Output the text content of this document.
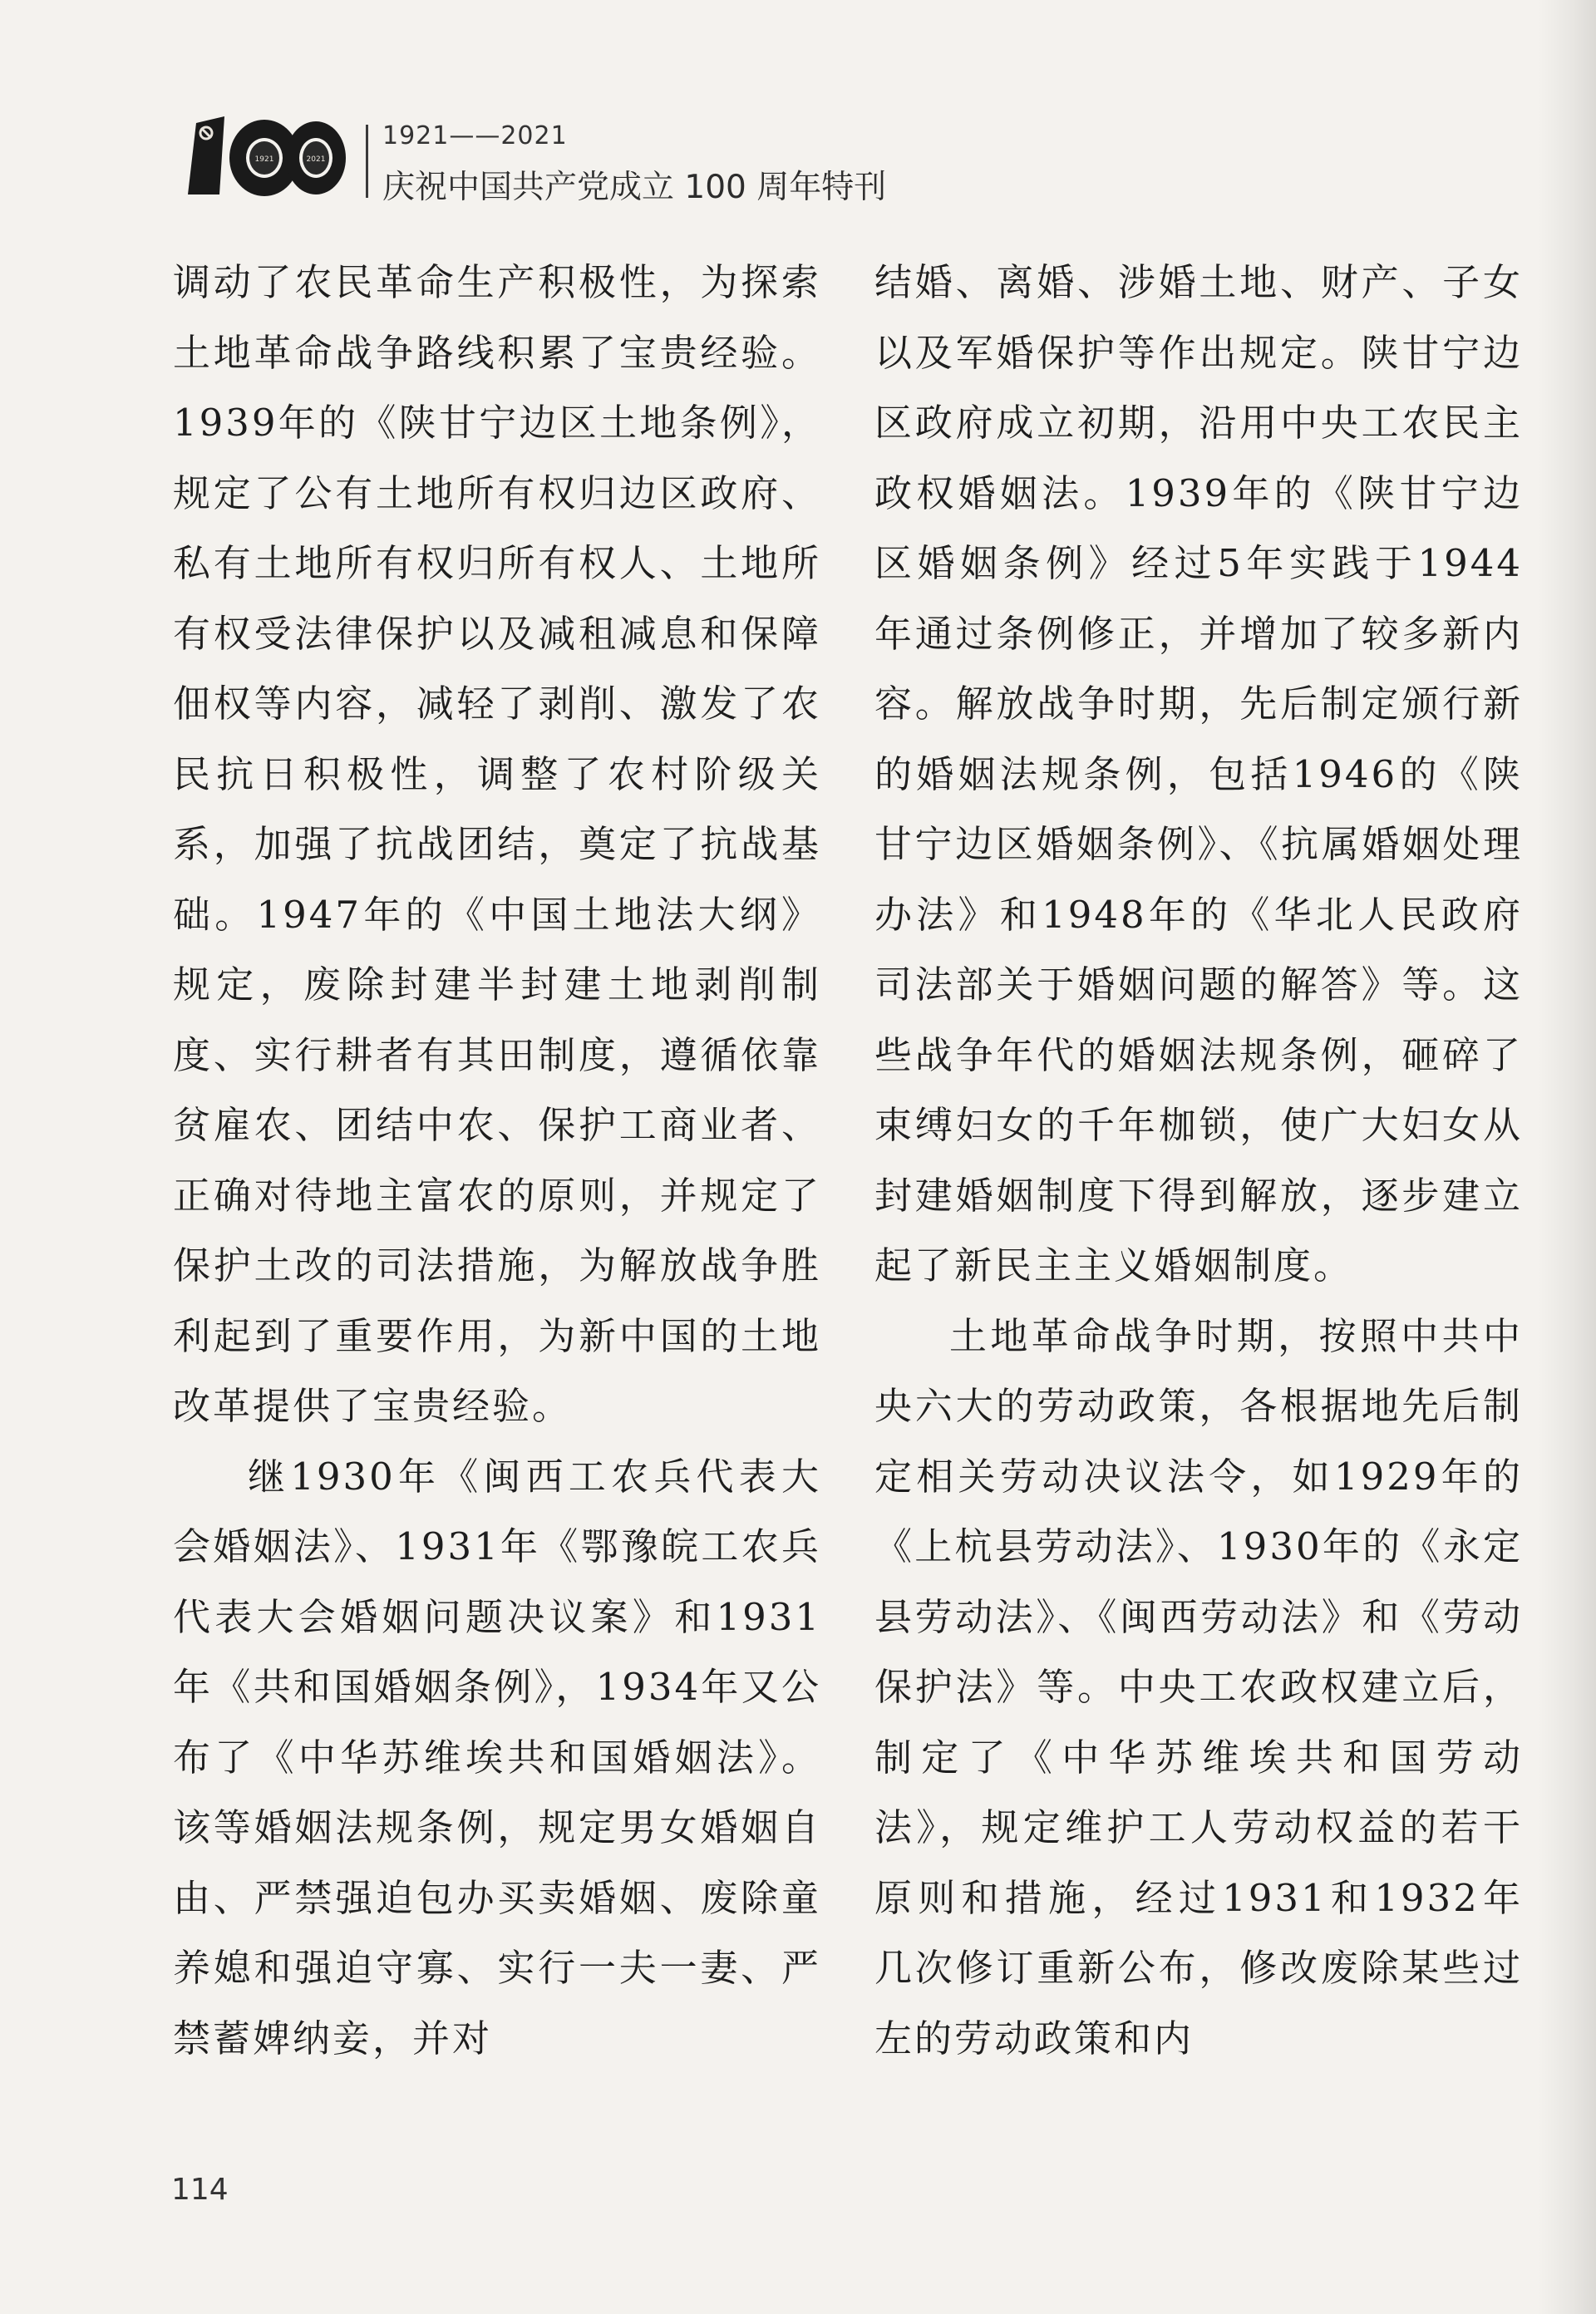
1921	2021
1921——2021
庆祝中国共产党成立 100 周年特刊

调动了农民革命生产积极性，为探索土地革命战争路线积累了宝贵经验。1939年的《陕甘宁边区土地条例》，规定了公有土地所有权归边区政府、私有土地所有权归所有权人、土地所有权受法律保护以及减租减息和保障佃权等内容，减轻了剥削、激发了农民抗日积极性，调整了农村阶级关系，加强了抗战团结，奠定了抗战基础。1947年的《中国土地法大纲》规定，废除封建半封建土地剥削制度、实行耕者有其田制度，遵循依靠贫雇农、团结中农、保护工商业者、正确对待地主富农的原则，并规定了保护土改的司法措施，为解放战争胜利起到了重要作用，为新中国的土地改革提供了宝贵经验。

继1930年《闽西工农兵代表大会婚姻法》、1931年《鄂豫皖工农兵代表大会婚姻问题决议案》和1931年《共和国婚姻条例》，1934年又公布了《中华苏维埃共和国婚姻法》。该等婚姻法规条例，规定男女婚姻自由、严禁强迫包办买卖婚姻、废除童养媳和强迫守寡、实行一夫一妻、严禁蓄婢纳妾，并对

结婚、离婚、涉婚土地、财产、子女以及军婚保护等作出规定。陕甘宁边区政府成立初期，沿用中央工农民主政权婚姻法。1939年的《陕甘宁边区婚姻条例》经过5年实践于1944年通过条例修正，并增加了较多新内容。解放战争时期，先后制定颁行新的婚姻法规条例，包括1946的《陕甘宁边区婚姻条例》、《抗属婚姻处理办法》和1948年的《华北人民政府司法部关于婚姻问题的解答》等。这些战争年代的婚姻法规条例，砸碎了束缚妇女的千年枷锁，使广大妇女从封建婚姻制度下得到解放，逐步建立起了新民主主义婚姻制度。

土地革命战争时期，按照中共中央六大的劳动政策，各根据地先后制定相关劳动决议法令，如1929年的《上杭县劳动法》、1930年的《永定县劳动法》、《闽西劳动法》和《劳动保护法》等。中央工农政权建立后，制定了《中华苏维埃共和国劳动法》，规定维护工人劳动权益的若干原则和措施，经过1931和1932年几次修订重新公布，修改废除某些过左的劳动政策和内

114
